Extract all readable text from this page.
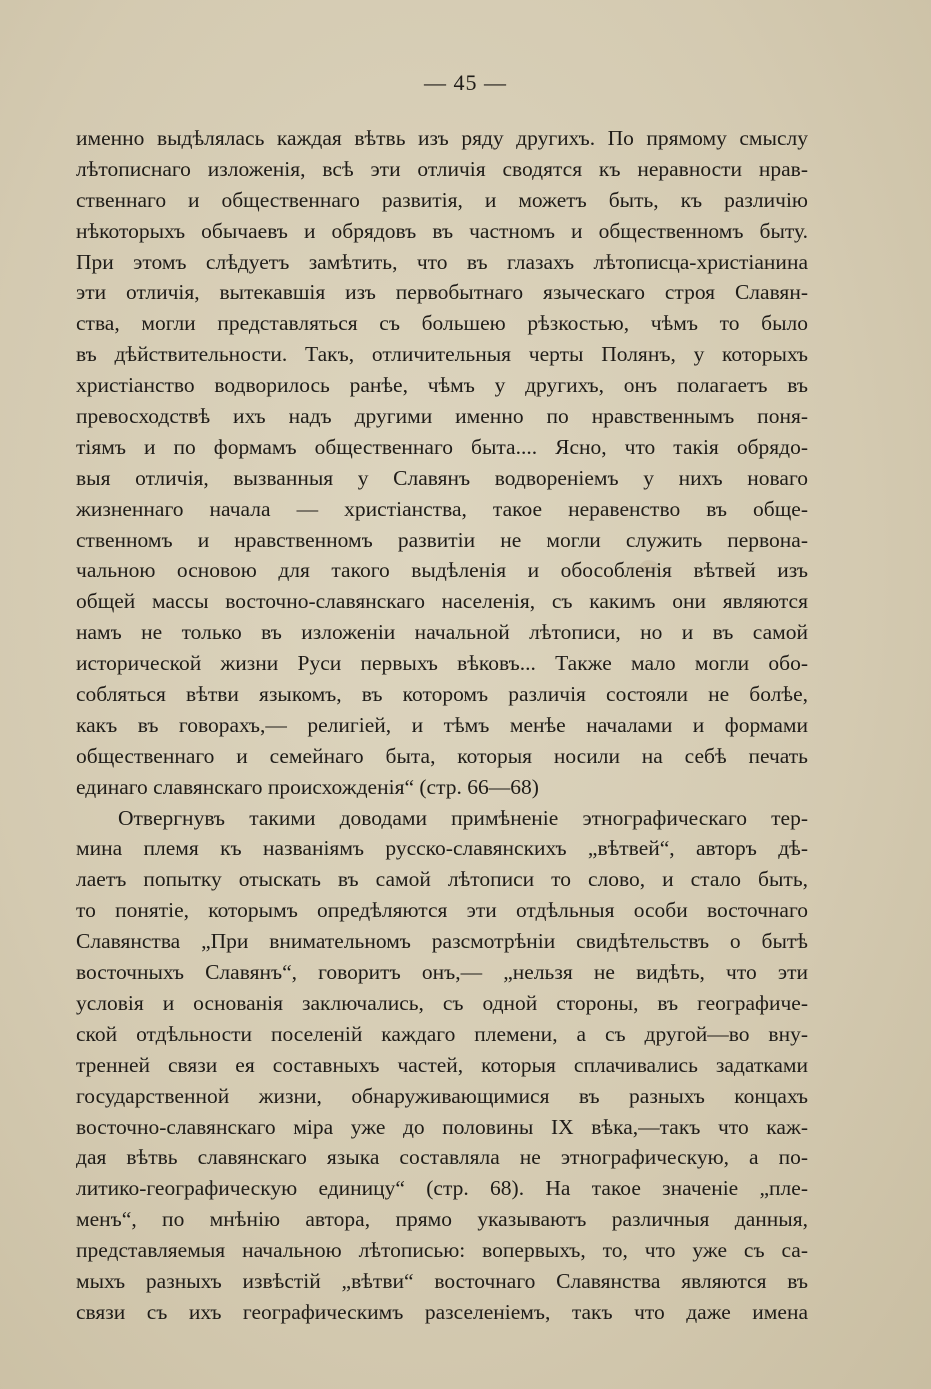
— 45 —
именно выдѣлялась каждая вѣтвь изъ ряду другихъ. По прямому смыслу
лѣтописнаго изложенія, всѣ эти отличія сводятся къ неравности нрав-
ственнаго и общественнаго развитія, и можетъ быть, къ различію
нѣкоторыхъ обычаевъ и обрядовъ въ частномъ и общественномъ быту.
При этомъ слѣдуетъ замѣтить, что въ глазахъ лѣтописца-христіанина
эти отличія, вытекавшія изъ первобытнаго языческаго строя Славян-
ства, могли представляться съ большею рѣзкостью, чѣмъ то было
въ дѣйствительности. Такъ, отличительныя черты Полянъ, у которыхъ
христіанство водворилось ранѣе, чѣмъ у другихъ, онъ полагаетъ въ
превосходствѣ ихъ надъ другими именно по нравственнымъ поня-
тіямъ и по формамъ общественнаго быта.... Ясно, что такія обрядо-
выя отличія, вызванныя у Славянъ водвореніемъ у нихъ новаго
жизненнаго начала — христіанства, такое неравенство въ обще-
ственномъ и нравственномъ развитіи не могли служить первона-
чальною основою для такого выдѣленія и обособленія вѣтвей изъ
общей массы восточно-славянскаго населенія, съ какимъ они являются
намъ не только въ изложеніи начальной лѣтописи, но и въ самой
исторической жизни Руси первыхъ вѣковъ... Также мало могли обо-
собляться вѣтви языкомъ, въ которомъ различія состояли не болѣе,
какъ въ говорахъ,— религіей, и тѣмъ менѣе началами и формами
общественнаго и семейнаго быта, которыя носили на себѣ печать
единаго славянскаго происхожденія“ (стр. 66—68)
Отвергнувъ такими доводами примѣненіе этнографическаго тер-
мина племя къ названіямъ русско-славянскихъ „вѣтвей“, авторъ дѣ-
лаетъ попытку отыскать въ самой лѣтописи то слово, и стало быть,
то понятіе, которымъ опредѣляются эти отдѣльныя особи восточнаго
Славянства „При внимательномъ разсмотрѣніи свидѣтельствъ о бытѣ
восточныхъ Славянъ“, говоритъ онъ,— „нельзя не видѣть, что эти
условія и основанія заключались, съ одной стороны, въ географиче-
ской отдѣльности поселеній каждаго племени, а съ другой—во вну-
тренней связи ея составныхъ частей, которыя сплачивались задатками
государственной жизни, обнаруживающимися въ разныхъ концахъ
восточно-славянскаго міра уже до половины IX вѣка,—такъ что каж-
дая вѣтвь славянскаго языка составляла не этнографическую, а по-
литико-географическую единицу“ (стр. 68). На такое значеніе „пле-
менъ“, по мнѣнію автора, прямо указываютъ различныя данныя,
представляемыя начальною лѣтописью: вопервыхъ, то, что уже съ са-
мыхъ разныхъ извѣстій „вѣтви“ восточнаго Славянства являются въ
связи съ ихъ географическимъ разселеніемъ, такъ что даже имена
